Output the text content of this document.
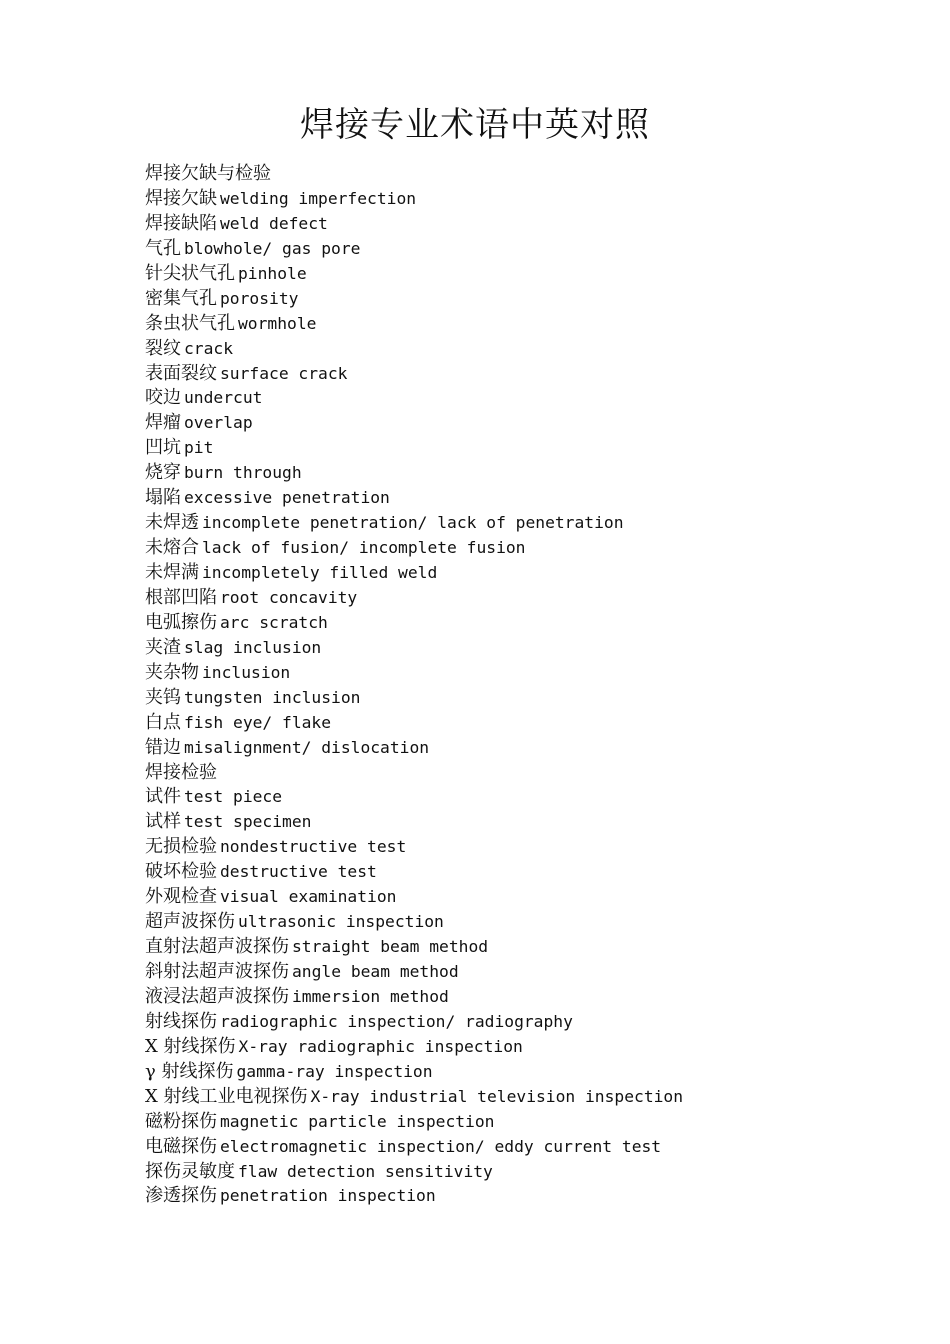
焊接专业术语中英对照
焊接欠缺与检验
焊接欠缺 welding imperfection
焊接缺陷 weld defect
气孔 blowhole/ gas pore
针尖状气孔 pinhole
密集气孔 porosity
条虫状气孔 wormhole
裂纹 crack
表面裂纹 surface crack
咬边 undercut
焊瘤 overlap
凹坑 pit
烧穿 burn through
塌陷 excessive penetration
未焊透 incomplete penetration/ lack of penetration
未熔合 lack of fusion/ incomplete fusion
未焊满 incompletely filled weld
根部凹陷 root concavity
电弧擦伤 arc scratch
夹渣 slag inclusion
夹杂物 inclusion
夹钨 tungsten inclusion
白点 fish eye/ flake
错边 misalignment/ dislocation
焊接检验
试件 test piece
试样 test specimen
无损检验 nondestructive test
破坏检验 destructive test
外观检查 visual examination
超声波探伤 ultrasonic inspection
直射法超声波探伤 straight beam method
斜射法超声波探伤 angle beam method
液浸法超声波探伤 immersion method
射线探伤 radiographic inspection/ radiography
X 射线探伤 X-ray radiographic inspection
γ 射线探伤 gamma-ray inspection
X 射线工业电视探伤 X-ray industrial television inspection
磁粉探伤 magnetic particle inspection
电磁探伤 electromagnetic inspection/ eddy current test
探伤灵敏度 flaw detection sensitivity
渗透探伤 penetration inspection
